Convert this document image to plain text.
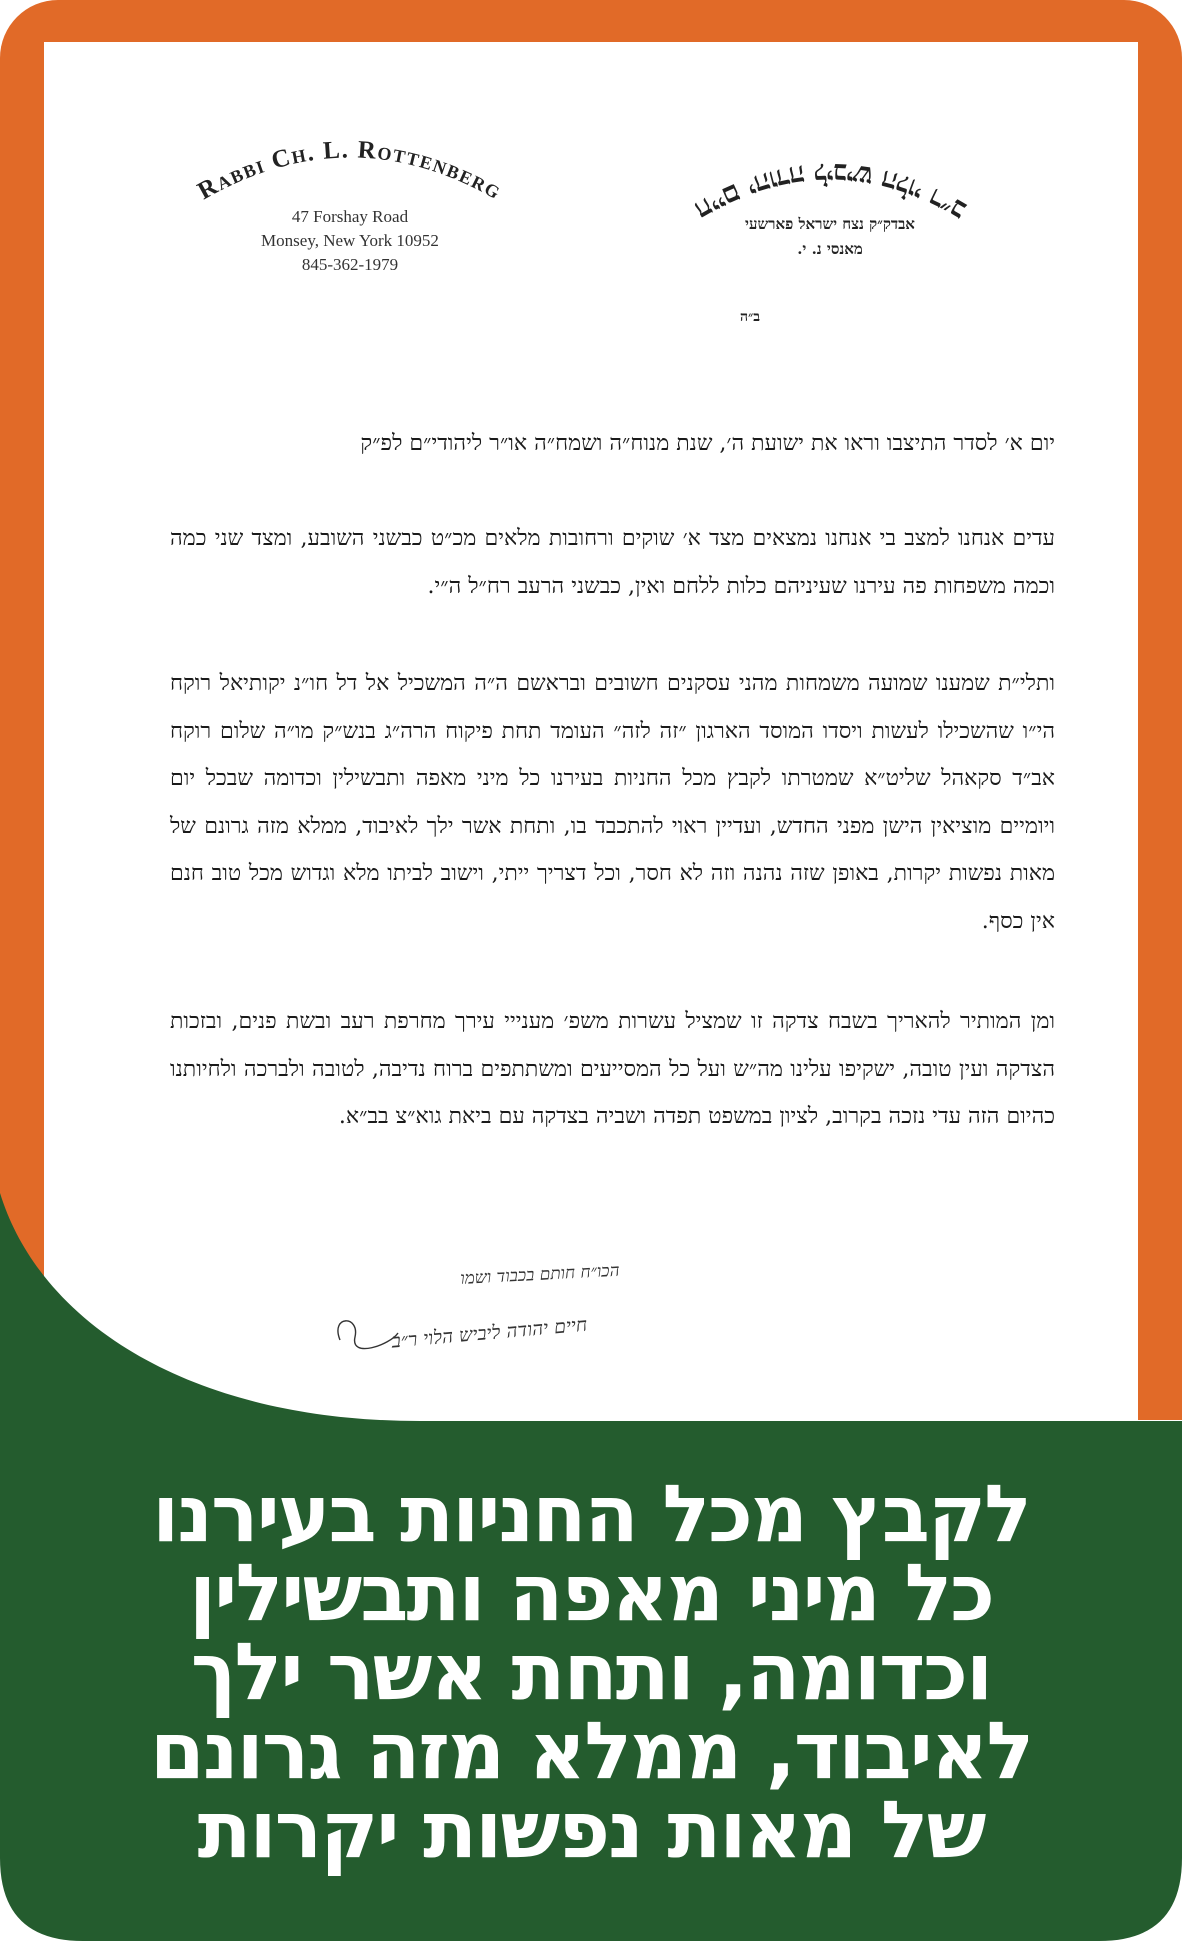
Rabbi Ch. L. Rottenberg
47 Forshay Road
Monsey, New York 10952
845-362-1979
חיים יהודה ליביש הלוי ר״ב	אבדק״ק נצח ישראל פארשעי
מאנסי נ. י.
ב״ה

יום א׳ לסדר התיצבו וראו את ישועת ה׳, שנת מנוח״ה ושמח״ה או״ר ליהודי״ם לפ״ק

עדים אנחנו למצב בי אנחנו נמצאים מצד א׳ שוקים ורחובות מלאים מכ״ט כבשני השובע, ומצד שני כמה וכמה משפחות פה עירנו שעיניהם כלות ללחם ואין, כבשני הרעב רח״ל ה״י.

ותלי״ת שמענו שמועה משמחות מהני עסקנים חשובים ובראשם ה״ה המשכיל אל דל חו״נ יקותיאל רוקח הי״ו שהשכילו לעשות ויסדו המוסד הארגון ״זה לזה״ העומד תחת פיקוח הרה״ג בנש״ק מו״ה שלום רוקח אב״ד סקאהל שליט״א שמטרתו לקבץ מכל החניות בעירנו כל מיני מאפה ותבשילין וכדומה שבכל יום ויומיים מוציאין הישן מפני החדש, ועדיין ראוי להתכבד בו, ותחת אשר ילך לאיבוד, ממלא מזה גרונם של מאות נפשות יקרות, באופן שזה נהנה וזה לא חסר, וכל דצריך ייתי, וישוב לביתו מלא וגדוש מכל טוב חנם אין כסף.

ומן המותיר להאריך בשבח צדקה זו שמציל עשרות משפ׳ מענייי עירך מחרפת רעב ובשת פנים, ובזכות הצדקה ועין טובה, ישקיפו עלינו מה״ש ועל כל המסייעים ומשתתפים ברוח נדיבה, לטובה ולברכה ולחיותנו כהיום הזה עדי נזכה בקרוב, לציון במשפט תפדה ושביה בצדקה עם ביאת גוא״צ בב״א.

הכו״ח חותם בכבוד ושמו
חיים יהודה ליביש הלוי ר״ב
לקבץ מכל החניות בעירנו
כל מיני מאפה ותבשילין
וכדומה, ותחת אשר ילך
לאיבוד, ממלא מזה גרונם
של מאות נפשות יקרות
